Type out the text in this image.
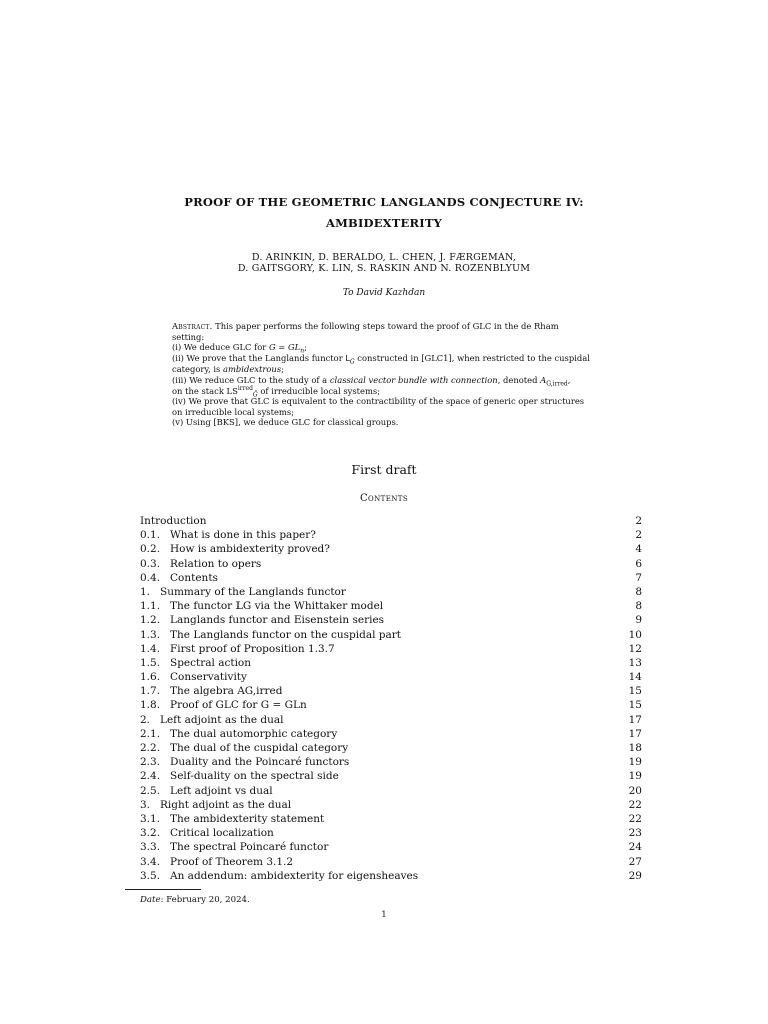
PROOF OF THE GEOMETRIC LANGLANDS CONJECTURE IV:
AMBIDEXTERITY
D. ARINKIN, D. BERALDO, L. CHEN, J. FÆRGEMAN,
D. GAITSGORY, K. LIN, S. RASKIN AND N. ROZENBLYUM
To David Kazhdan
Abstract. This paper performs the following steps toward the proof of GLC in the de Rham
setting:
(i) We deduce GLC for $G = GL_n$;
(ii) We prove that the Langlands functor $L_G$ constructed in [GLC1], when restricted to the cuspidal
category, is ambidextrous;
(iii) We reduce GLC to the study of a classical vector bundle with connection, denoted $A_{G,irred}$,
on the stack $LS^{irred}_Ǧ$ of irreducible local systems;
(iv) We prove that GLC is equivalent to the contractibility of the space of generic oper structures
on irreducible local systems;
(v) Using [BKS], we deduce GLC for classical groups.
First draft
Contents
Introduction	2
0.1. What is done in this paper?	2
0.2. How is ambidexterity proved?	4
0.3. Relation to opers	6
0.4. Contents	7
1. Summary of the Langlands functor	8
1.1. The functor 𝕃G via the Whittaker model	8
1.2. Langlands functor and Eisenstein series	9
1.3. The Langlands functor on the cuspidal part	10
1.4. First proof of Proposition 1.3.7	12
1.5. Spectral action	13
1.6. Conservativity	14
1.7. The algebra AG,irred	15
1.8. Proof of GLC for G = GLn	15
2. Left adjoint as the dual	17
2.1. The dual automorphic category	17
2.2. The dual of the cuspidal category	18
2.3. Duality and the Poincaré functors	19
2.4. Self-duality on the spectral side	19
2.5. Left adjoint vs dual	20
3. Right adjoint as the dual	22
3.1. The ambidexterity statement	22
3.2. Critical localization	23
3.3. The spectral Poincaré functor	24
3.4. Proof of Theorem 3.1.2	27
3.5. An addendum: ambidexterity for eigensheaves	29
Date: February 20, 2024.
1
